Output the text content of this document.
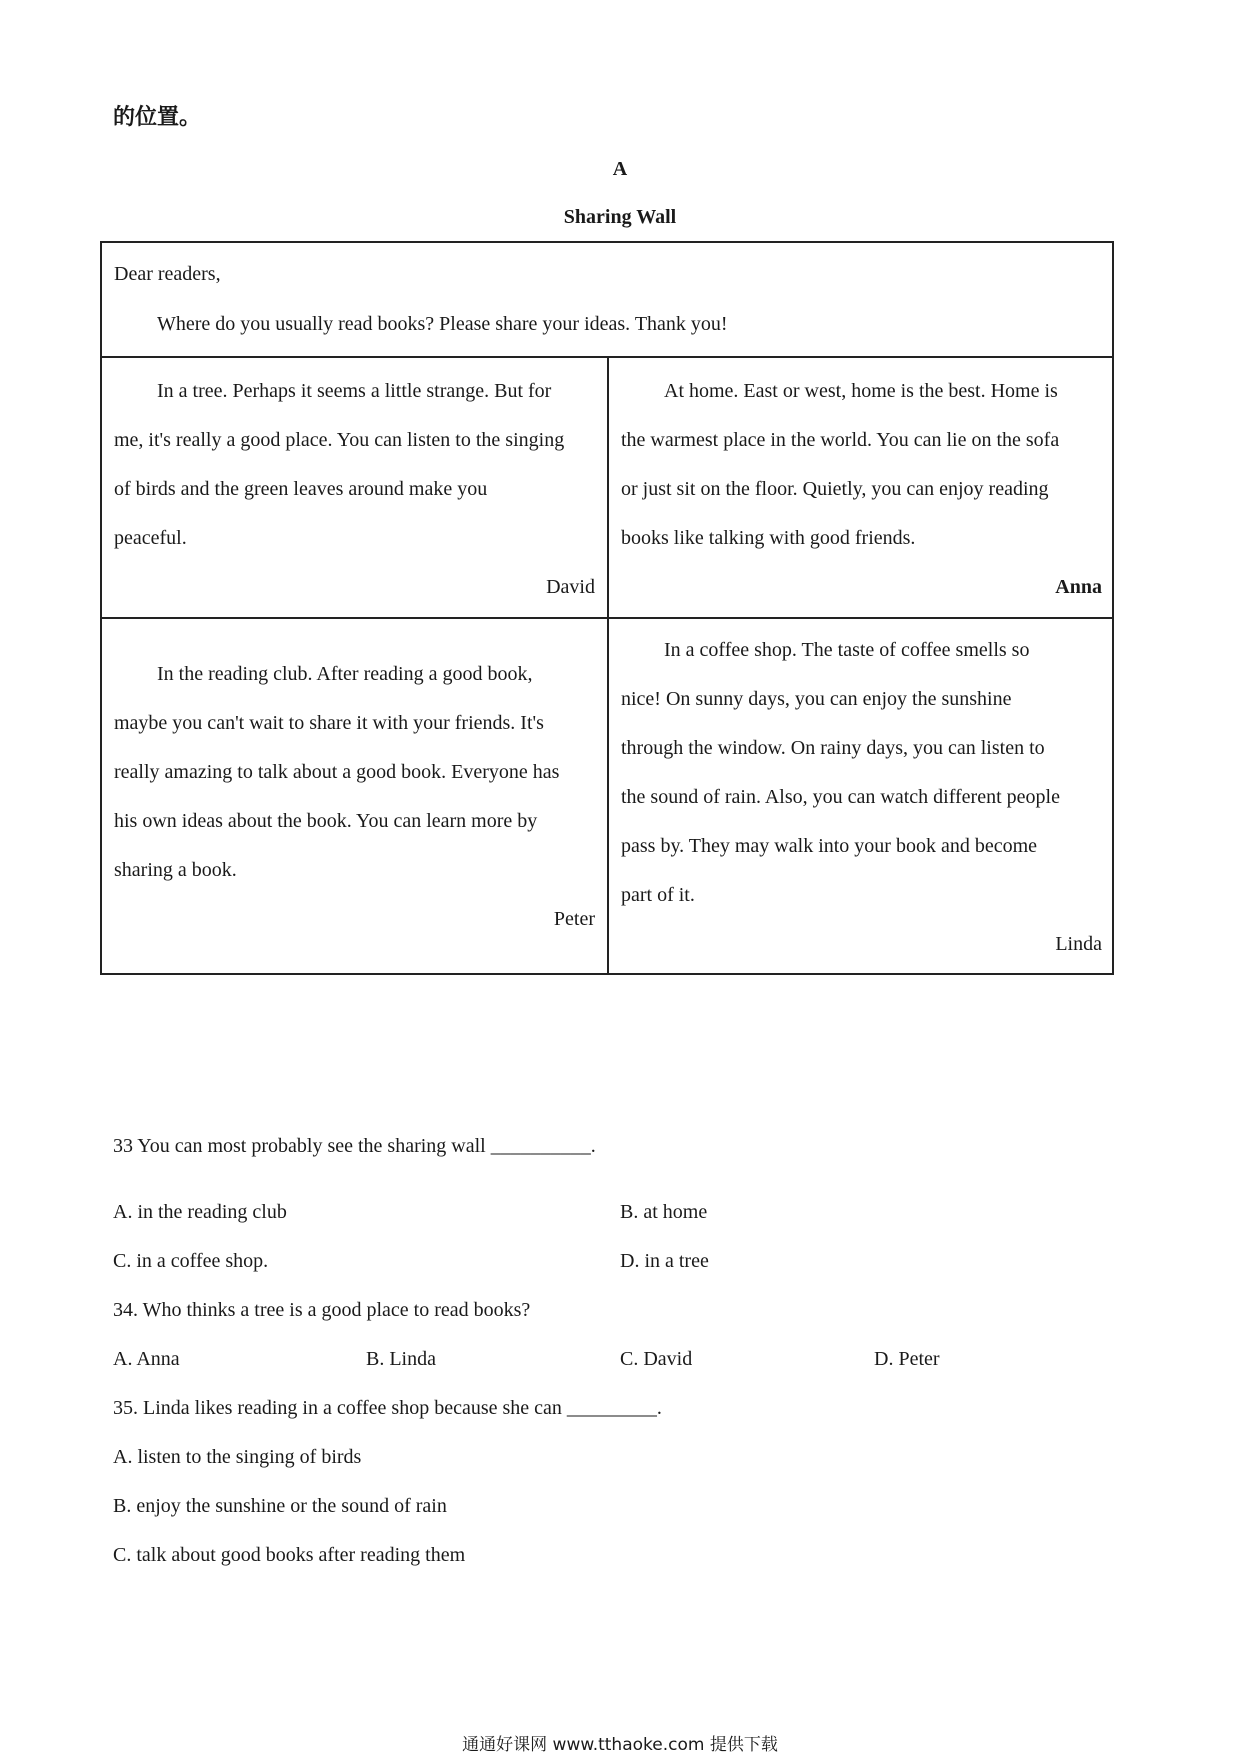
的位置。
A
Sharing Wall
Dear readers,
Where do you usually read books? Please share your ideas. Thank you!
In a tree. Perhaps it seems a little strange. But for
me, it's really a good place. You can listen to the singing
of birds and the green leaves around make you
peaceful.
David
At home. East or west, home is the best. Home is
the warmest place in the world. You can lie on the sofa
or just sit on the floor. Quietly, you can enjoy reading
books like talking with good friends.
Anna
In the reading club. After reading a good book,
maybe you can't wait to share it with your friends. It's
really amazing to talk about a good book. Everyone has
his own ideas about the book. You can learn more by
sharing a book.
Peter
In a coffee shop. The taste of coffee smells so
nice! On sunny days, you can enjoy the sunshine
through the window. On rainy days, you can listen to
the sound of rain. Also, you can watch different people
pass by. They may walk into your book and become
part of it.
Linda
33 You can most probably see the sharing wall __________.
A. in the reading club	B. at home
C. in a coffee shop.	D. in a tree
34. Who thinks a tree is a good place to read books?
A. Anna	B. Linda	C. David	D. Peter
35. Linda likes reading in a coffee shop because she can _________.
A. listen to the singing of birds
B. enjoy the sunshine or the sound of rain
C. talk about good books after reading them
通通好课网 www.tthaoke.com 提供下载
